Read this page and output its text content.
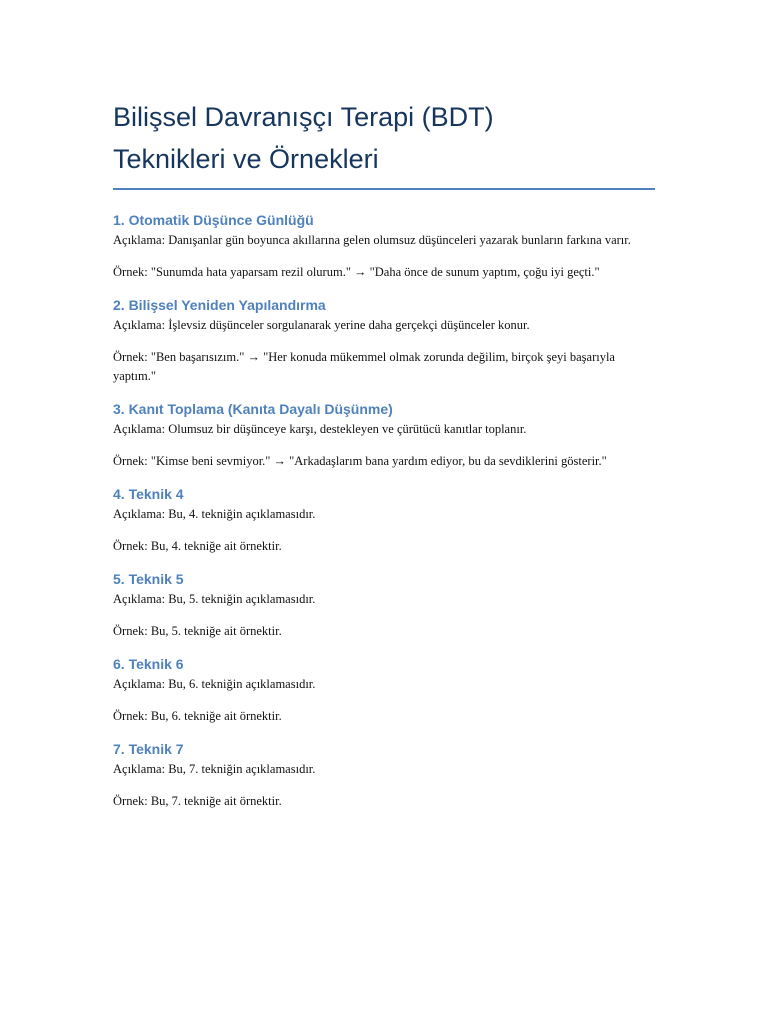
Bilişsel Davranışçı Terapi (BDT)
Teknikleri ve Örnekleri
1. Otomatik Düşünce Günlüğü

Açıklama: Danışanlar gün boyunca akıllarına gelen olumsuz düşünceleri yazarak bunların farkına varır.

Örnek: "Sunumda hata yaparsam rezil olurum." → "Daha önce de sunum yaptım, çoğu iyi geçti."

2. Bilişsel Yeniden Yapılandırma

Açıklama: İşlevsiz düşünceler sorgulanarak yerine daha gerçekçi düşünceler konur.

Örnek: "Ben başarısızım." → "Her konuda mükemmel olmak zorunda değilim, birçok şeyi başarıyla yaptım."

3. Kanıt Toplama (Kanıta Dayalı Düşünme)

Açıklama: Olumsuz bir düşünceye karşı, destekleyen ve çürütücü kanıtlar toplanır.

Örnek: "Kimse beni sevmiyor." → "Arkadaşlarım bana yardım ediyor, bu da sevdiklerini gösterir."

4. Teknik 4

Açıklama: Bu, 4. tekniğin açıklamasıdır.

Örnek: Bu, 4. tekniğe ait örnektir.

5. Teknik 5

Açıklama: Bu, 5. tekniğin açıklamasıdır.

Örnek: Bu, 5. tekniğe ait örnektir.

6. Teknik 6

Açıklama: Bu, 6. tekniğin açıklamasıdır.

Örnek: Bu, 6. tekniğe ait örnektir.

7. Teknik 7

Açıklama: Bu, 7. tekniğin açıklamasıdır.

Örnek: Bu, 7. tekniğe ait örnektir.
